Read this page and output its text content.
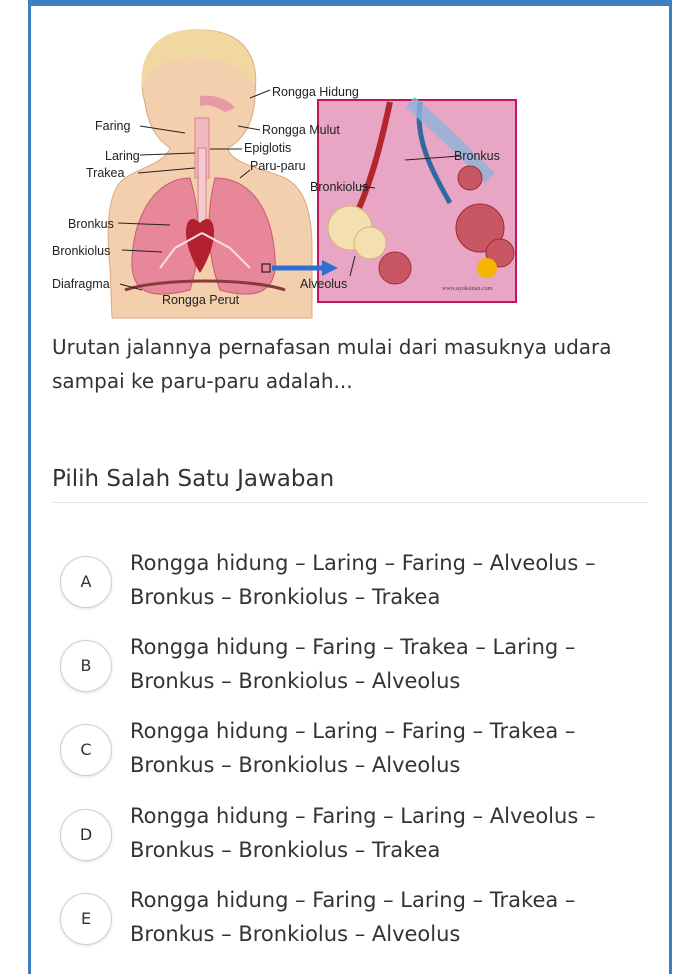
Rongga Hidung
Faring	Rongga Mulut
Epiglotis
Laring
Trakea	Paru-paru
Bronkus
Bronkiolus
Bronkus
Bronkiolus
Diafragma	Alveolus
Rongga Perut
www.ayoksinau.com
Urutan jalannya pernafasan mulai dari masuknya udara sampai ke paru-paru adalah...
Pilih Salah Satu Jawaban
A
Rongga hidung – Laring – Faring – Alveolus – Bronkus – Bronkiolus – Trakea
B
Rongga hidung – Faring – Trakea – Laring – Bronkus – Bronkiolus – Alveolus
C
Rongga hidung – Laring – Faring – Trakea – Bronkus – Bronkiolus – Alveolus
D
Rongga hidung – Faring – Laring – Alveolus – Bronkus – Bronkiolus – Trakea
E
Rongga hidung – Faring – Laring – Trakea – Bronkus – Bronkiolus – Alveolus
